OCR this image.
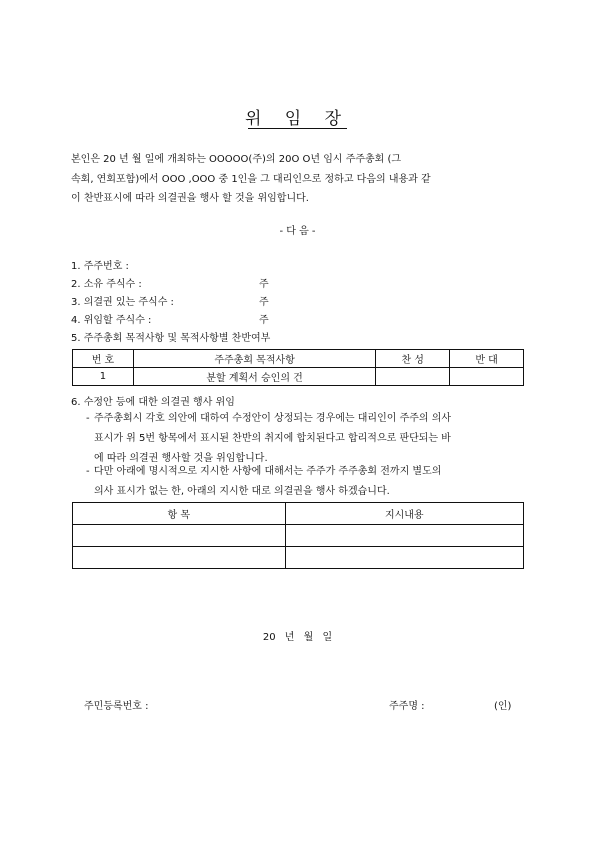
위 임 장

본인은 20 년 월 일에 개최하는 OOOOO(주)의 20O O년 임시 주주총회 (그
속회, 연회포함)에서 OOO ,OOO 중 1인을 그 대리인으로 정하고 다음의 내용과 같
이 찬반표시에 따라 의결권을 행사 할 것을 위임합니다.

- 다 음 -
1. 주주번호 :
2. 소유 주식수 :	주
3. 의결권 있는 주식수 :	주
4. 위임할 주식수 :	주
5. 주주총회 목적사항 및 목적사항별 찬반여부
번 호	주주총회 목적사항	찬 성	반 대
1	분할 계획서 승인의 건		
6. 수정안 등에 대한 의결권 행사 위임
- 주주총회시 각호 의안에 대하여 수정안이 상정되는 경우에는 대리인이 주주의 의사
표시가 위 5번 항목에서 표시된 찬반의 취지에 합치된다고 합리적으로 판단되는 바
에 따라 의결권 행사할 것을 위임합니다.
- 다만 아래에 명시적으로 지시한 사항에 대해서는 주주가 주주총회 전까지 별도의
의사 표시가 없는 한, 아래의 지시한 대로 의결권을 행사 하겠습니다.
항 목	지시내용

20 년 월 일
주민등록번호 :	주주명 :	(인)
